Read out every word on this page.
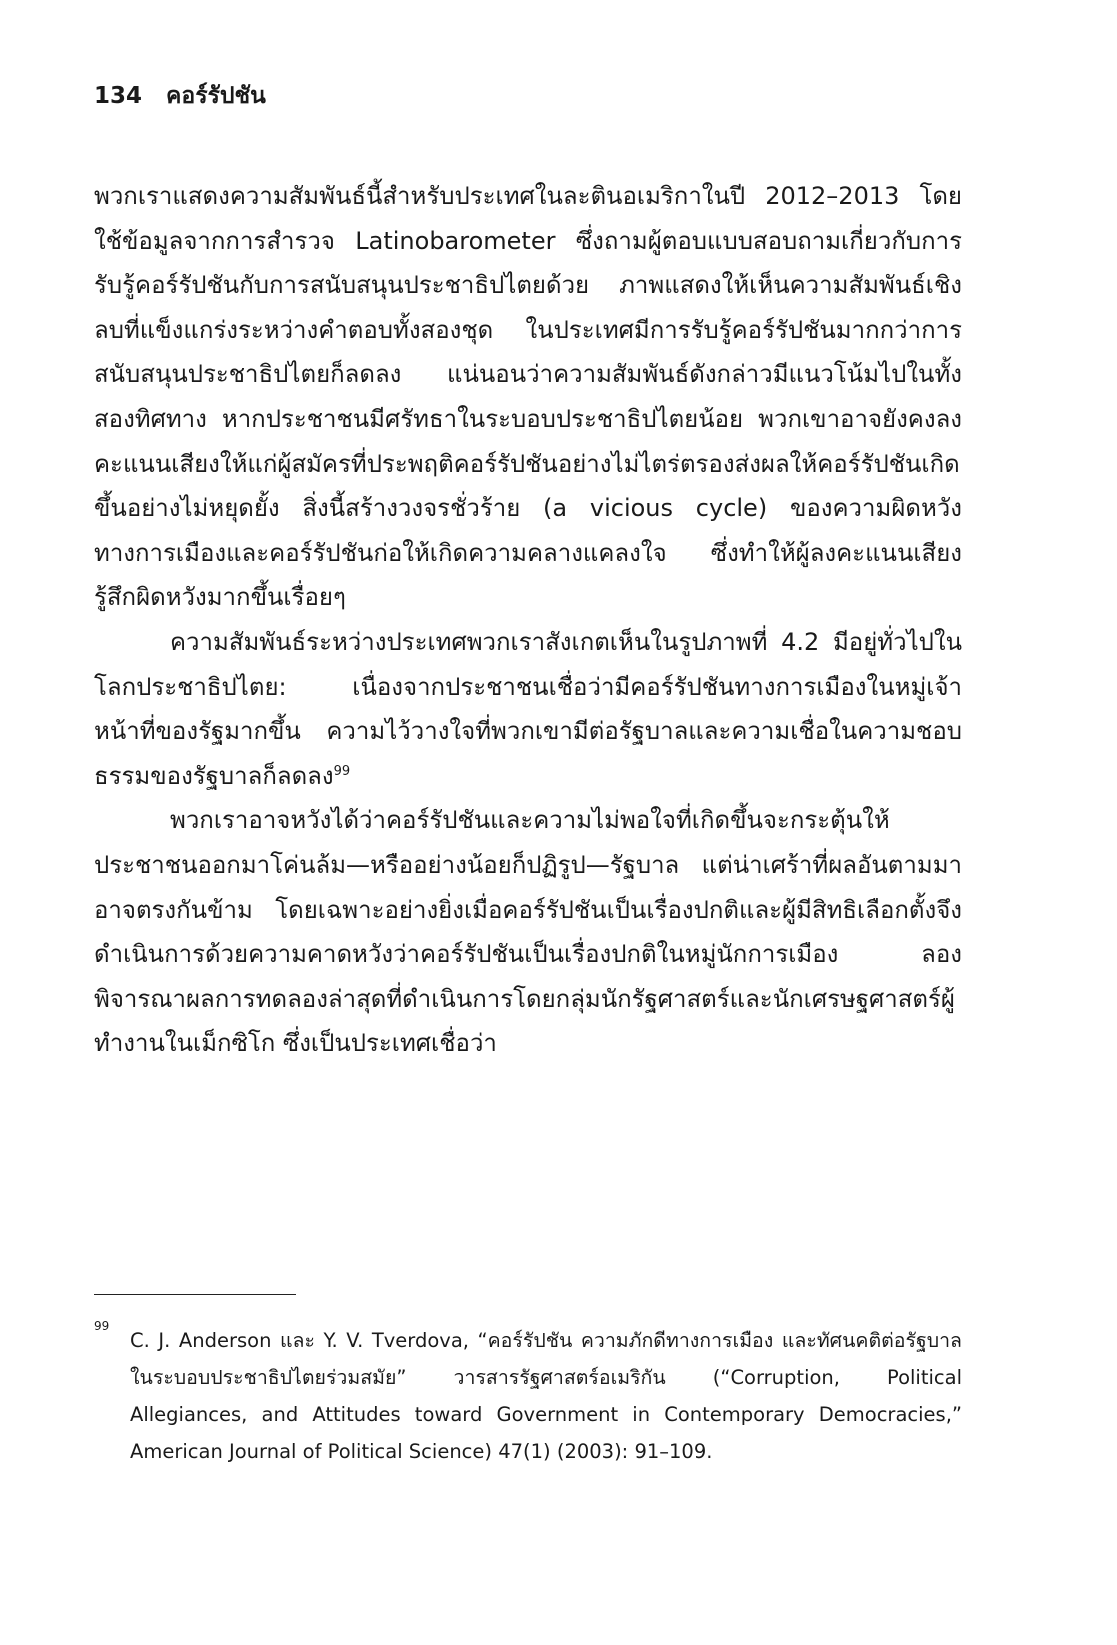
134 คอร์รัปชัน

พวกเราแสดงความสัมพันธ์นี้สำหรับประเทศในละตินอเมริกาในปี 2012–2013 โดยใช้ข้อมูลจากการสำรวจ Latinobarometer ซึ่งถามผู้ตอบแบบสอบถามเกี่ยวกับการรับรู้คอร์รัปชันกับการสนับสนุนประชาธิปไตยด้วย ภาพแสดงให้เห็นความสัมพันธ์เชิงลบที่แข็งแกร่งระหว่างคำตอบทั้งสองชุด ในประเทศมีการรับรู้คอร์รัปชันมากกว่าการสนับสนุนประชาธิปไตยก็ลดลง แน่นอนว่าความสัมพันธ์ดังกล่าวมีแนวโน้มไปในทั้งสองทิศทาง หากประชาชนมีศรัทธาในระบอบประชาธิปไตยน้อย พวกเขาอาจยังคงลงคะแนนเสียงให้แก่ผู้สมัครที่ประพฤติคอร์รัปชันอย่างไม่ไตร่ตรองส่งผลให้คอร์รัปชันเกิดขึ้นอย่างไม่หยุดยั้ง สิ่งนี้สร้างวงจรชั่วร้าย (a vicious cycle) ของความผิดหวังทางการเมืองและคอร์รัปชันก่อให้เกิดความคลางแคลงใจ ซึ่งทำให้ผู้ลงคะแนนเสียงรู้สึกผิดหวังมากขึ้นเรื่อยๆ

ความสัมพันธ์ระหว่างประเทศพวกเราสังเกตเห็นในรูปภาพที่ 4.2 มีอยู่ทั่วไปในโลกประชาธิปไตย: เนื่องจากประชาชนเชื่อว่ามีคอร์รัปชันทางการเมืองในหมู่เจ้าหน้าที่ของรัฐมากขึ้น ความไว้วางใจที่พวกเขามีต่อรัฐบาลและความเชื่อในความชอบธรรมของรัฐบาลก็ลดลง$^{99}$

พวกเราอาจหวังได้ว่าคอร์รัปชันและความไม่พอใจที่เกิดขึ้นจะกระตุ้นให้ประชาชนออกมาโค่นล้ม—หรืออย่างน้อยก็ปฏิรูป—รัฐบาล แต่น่าเศร้าที่ผลอันตามมาอาจตรงกันข้าม โดยเฉพาะอย่างยิ่งเมื่อคอร์รัปชันเป็นเรื่องปกติและผู้มีสิทธิเลือกตั้งจึงดำเนินการด้วยความคาดหวังว่าคอร์รัปชันเป็นเรื่องปกติในหมู่นักการเมือง ลองพิจารณาผลการทดลองล่าสุดที่ดำเนินการโดยกลุ่มนักรัฐศาสตร์และนักเศรษฐศาสตร์ผู้ทำงานในเม็กซิโก ซึ่งเป็นประเทศเชื่อว่า

99

C. J. Anderson และ Y. V. Tverdova, “คอร์รัปชัน ความภักดีทางการเมือง และทัศนคติต่อรัฐบาลในระบอบประชาธิปไตยร่วมสมัย” วารสารรัฐศาสตร์อเมริกัน (“Corruption, Political Allegiances, and Attitudes toward Government in Contemporary Democracies,” American Journal of Political Science) 47(1) (2003): 91–109.
